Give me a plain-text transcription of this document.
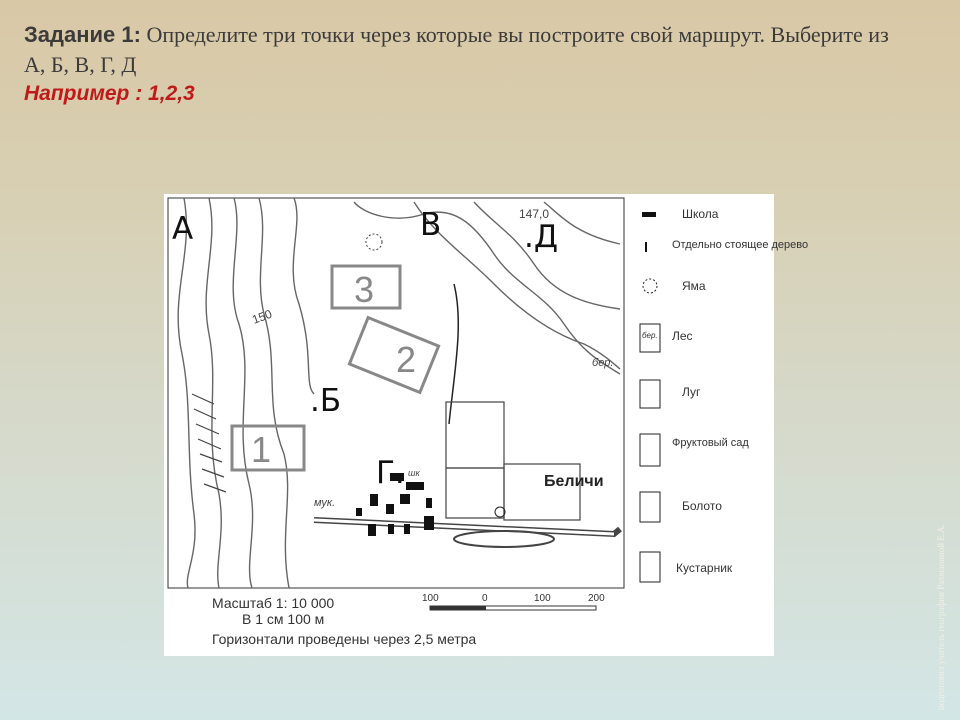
Задание 1: Определите три точки через которые вы построите свой маршрут. Выберите из А, Б, В, Г, Д
Например : 1,2,3
1
2
3
150
147,0
мук.
бер.
шк	Беличи
Школа
Отдельно стоящее дерево
Яма
Лес
бер.
Луг
Фруктовый сад
Болото
Кустарник
Масштаб 1: 10 000
В 1 см 100 м
Горизонтали проведены через 2,5 метра
100	0	100	200
А
.Б
В
Г.
.Д
подготовил учитель географии Рахманиной Е.А.
